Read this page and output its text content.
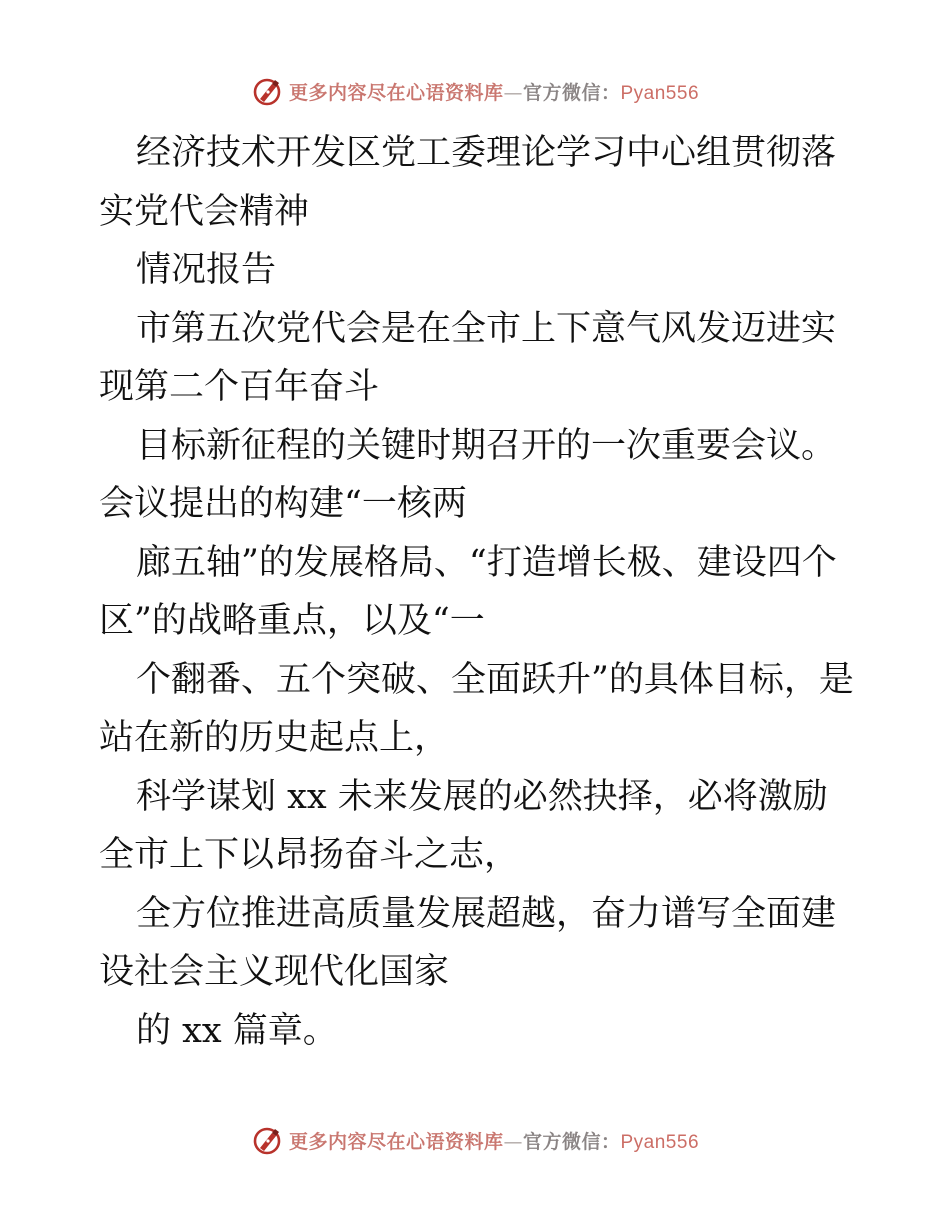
更多内容尽在心语资料库—官方微信：Pyan556

经济技术开发区党工委理论学习中心组贯彻落实党代会精神

情况报告

市第五次党代会是在全市上下意气风发迈进实现第二个百年奋斗

目标新征程的关键时期召开的一次重要会议。会议提出的构建“一核两

廊五轴”的发展格局、“打造增长极、建设四个区”的战略重点，以及“一

个翻番、五个突破、全面跃升”的具体目标，是站在新的历史起点上，

科学谋划 xx 未来发展的必然抉择，必将激励全市上下以昂扬奋斗之志，

全方位推进高质量发展超越，奋力谱写全面建设社会主义现代化国家

的 xx 篇章。

更多内容尽在心语资料库—官方微信：Pyan556
